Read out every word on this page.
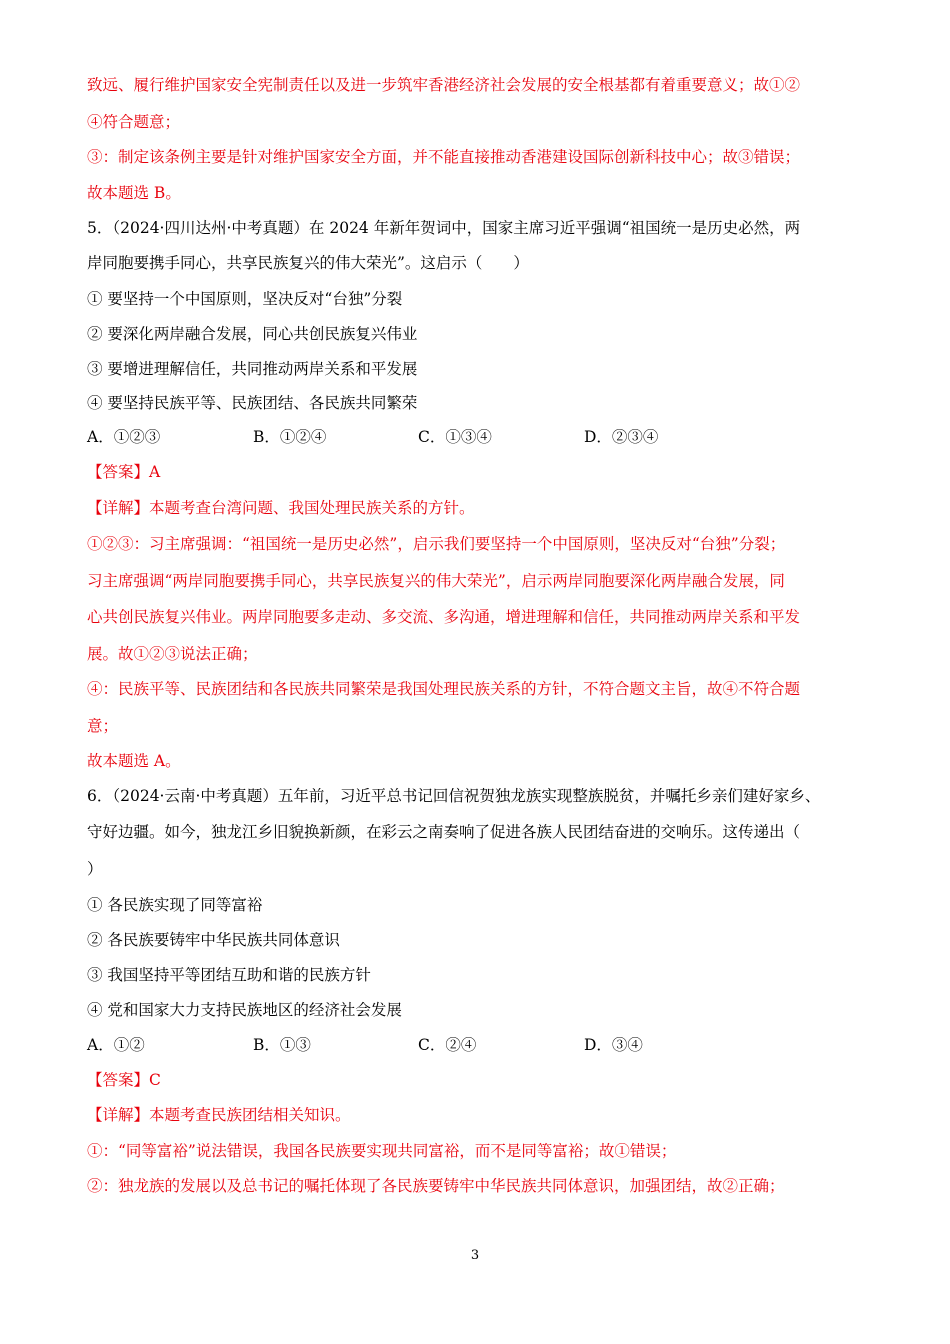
致远、履行维护国家安全宪制责任以及进一步筑牢香港经济社会发展的安全根基都有着重要意义；故①②
④符合题意；
③：制定该条例主要是针对维护国家安全方面，并不能直接推动香港建设国际创新科技中心；故③错误；
故本题选 B。
5．（2024·四川达州·中考真题）在 2024 年新年贺词中，国家主席习近平强调“祖国统一是历史必然，两
岸同胞要携手同心，共享民族复兴的伟大荣光”。这启示（　　）
① 要坚持一个中国原则，坚决反对“台独”分裂
② 要深化两岸融合发展，同心共创民族复兴伟业
③ 要增进理解信任，共同推动两岸关系和平发展
④ 要坚持民族平等、民族团结、各民族共同繁荣
A．①②③	B．①②④	C．①③④	D．②③④
【答案】A
【详解】本题考查台湾问题、我国处理民族关系的方针。
①②③：习主席强调：“祖国统一是历史必然”，启示我们要坚持一个中国原则，坚决反对“台独”分裂；
习主席强调“两岸同胞要携手同心，共享民族复兴的伟大荣光”，启示两岸同胞要深化两岸融合发展，同
心共创民族复兴伟业。两岸同胞要多走动、多交流、多沟通，增进理解和信任，共同推动两岸关系和平发
展。故①②③说法正确；
④：民族平等、民族团结和各民族共同繁荣是我国处理民族关系的方针，不符合题文主旨，故④不符合题
意；
故本题选 A。
6．（2024·云南·中考真题）五年前，习近平总书记回信祝贺独龙族实现整族脱贫，并嘱托乡亲们建好家乡、
守好边疆。如今，独龙江乡旧貌换新颜，在彩云之南奏响了促进各族人民团结奋进的交响乐。这传递出（
）
① 各民族实现了同等富裕
② 各民族要铸牢中华民族共同体意识
③ 我国坚持平等团结互助和谐的民族方针
④ 党和国家大力支持民族地区的经济社会发展
A．①②	B．①③	C．②④	D．③④
【答案】C
【详解】本题考查民族团结相关知识。
①：“同等富裕”说法错误，我国各民族要实现共同富裕，而不是同等富裕；故①错误；
②：独龙族的发展以及总书记的嘱托体现了各民族要铸牢中华民族共同体意识，加强团结，故②正确；
3
